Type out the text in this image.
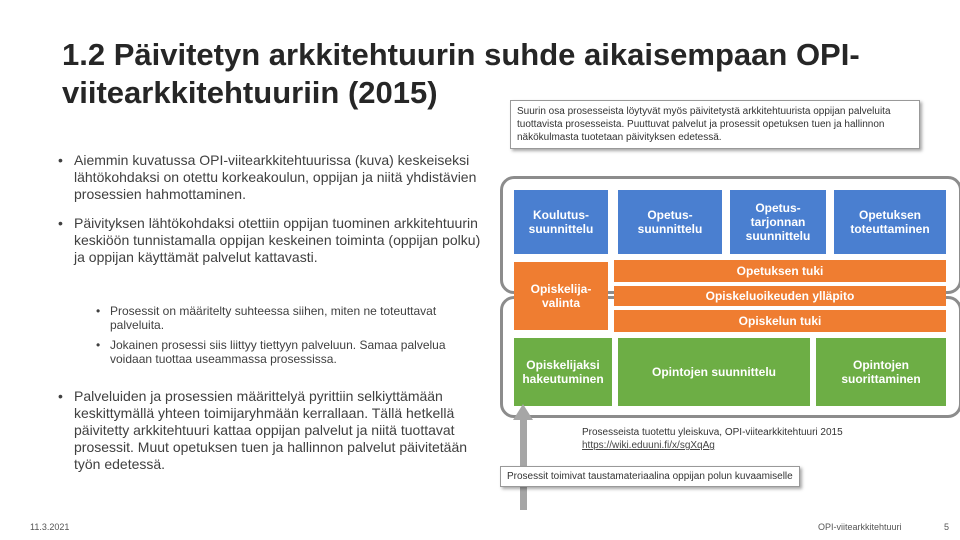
1.2 Päivitetyn arkkitehtuurin suhde aikaisempaan OPI-viitearkkitehtuuriin (2015)
Suurin osa prosesseista löytyvät myös päivitetystä arkkitehtuurista oppijan palveluita tuottavista prosesseista. Puuttuvat palvelut ja prosessit opetuksen tuen ja hallinnon näkökulmasta tuotetaan päivityksen edetessä.
• Aiemmin kuvatussa OPI-viitearkkitehtuurissa (kuva) keskeiseksi lähtökohdaksi on otettu korkeakoulun, oppijan ja niitä yhdistävien prosessien hahmottaminen.
• Päivityksen lähtökohdaksi otettiin oppijan tuominen arkkitehtuurin keskiöön tunnistamalla oppijan keskeinen toiminta (oppijan polku) ja oppijan käyttämät palvelut kattavasti.
• Prosessit on määritelty suhteessa siihen, miten ne toteuttavat palveluita.
• Jokainen prosessi siis liittyy tiettyyn palveluun. Samaa palvelua voidaan tuottaa useammassa prosessissa.
• Palveluiden ja prosessien määrittelyä pyrittiin selkiyttämään keskittymällä yhteen toimijaryhmään kerrallaan. Tällä hetkellä päivitetty arkkitehtuuri kattaa oppijan palvelut ja niitä tuottavat prosessit. Muut opetuksen tuen ja hallinnon palvelut päivitetään työn edetessä.
Koulutus-suunnittelu
Opetus-suunnittelu
Opetus-tarjonnan suunnittelu
Opetuksen toteuttaminen
Opiskelija-valinta
Opetuksen tuki
Opiskeluoikeuden ylläpito
Opiskelun tuki
Opiskelijaksi hakeutuminen	Opintojen suunnittelu	Opintojen suorittaminen
Prosesseista tuotettu yleiskuva, OPI-viitearkkitehtuuri 2015
https://wiki.eduuni.fi/x/sgXqAg
Prosessit toimivat taustamateriaalina oppijan polun kuvaamiselle
11.3.2021	OPI-viitearkkitehtuuri	5
